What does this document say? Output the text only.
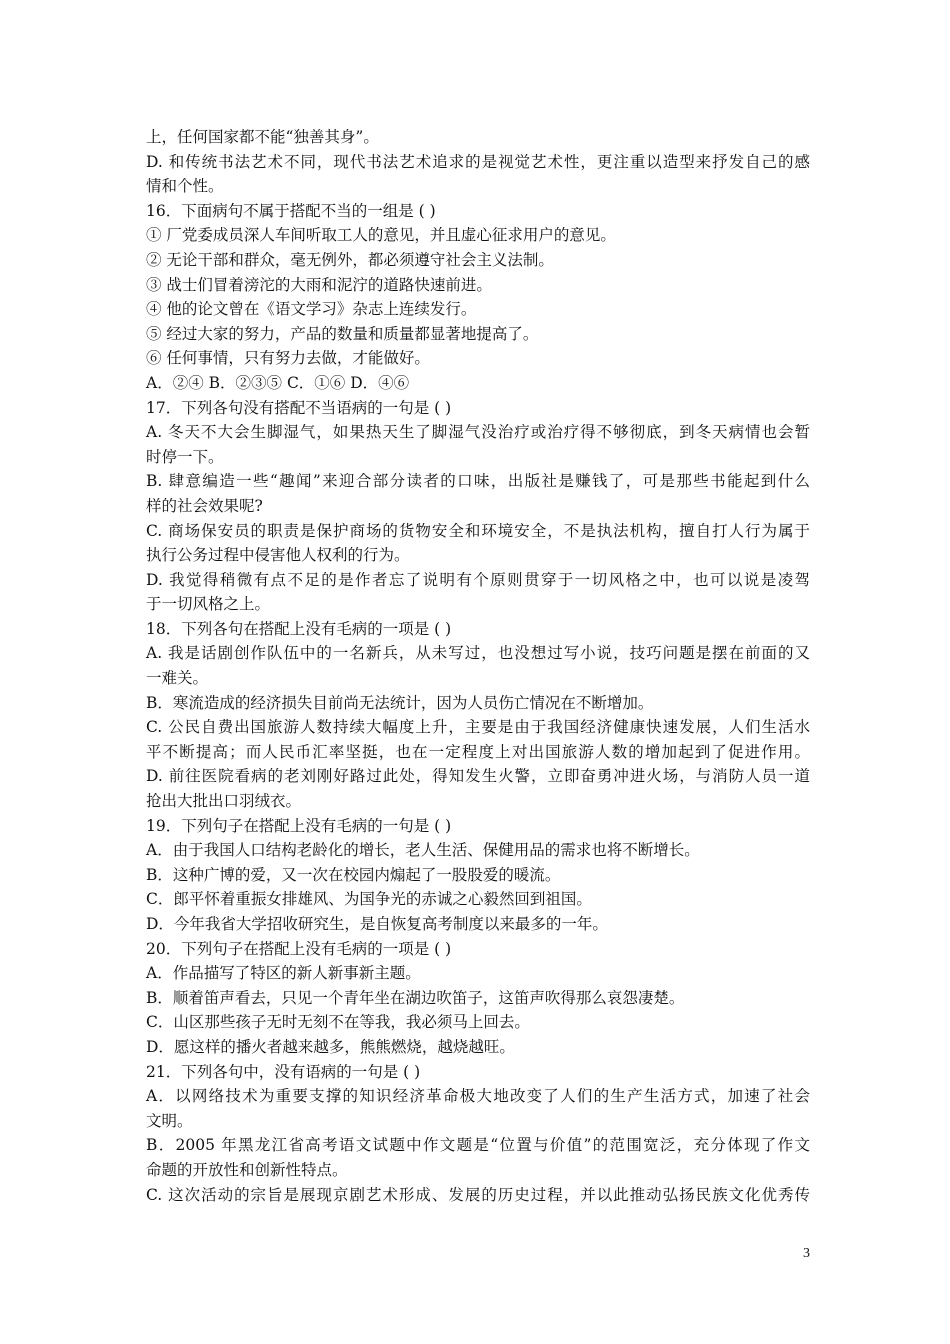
上，任何国家都不能“独善其身”。
D. 和传统书法艺术不同，现代书法艺术追求的是视觉艺术性，更注重以造型来抒发自己的感
情和个性。
16．下面病句不属于搭配不当的一组是 ( )
① 厂党委成员深人车间听取工人的意见，并且虚心征求用户的意见。
② 无论干部和群众，毫无例外，都必须遵守社会主义法制。
③ 战士们冒着滂沱的大雨和泥泞的道路快速前进。
④ 他的论文曾在《语文学习》杂志上连续发行。
⑤ 经过大家的努力，产品的数量和质量都显著地提高了。
⑥ 任何事情，只有努力去做，才能做好。
A．②④ B．②③⑤ C．①⑥ D．④⑥
17．下列各句没有搭配不当语病的一句是 ( )
A. 冬天不大会生脚湿气，如果热天生了脚湿气没治疗或治疗得不够彻底，到冬天病情也会暂
时停一下。
B. 肆意编造一些“趣闻”来迎合部分读者的口味，出版社是赚钱了，可是那些书能起到什么
样的社会效果呢?
C. 商场保安员的职责是保护商场的货物安全和环境安全，不是执法机构，擅自打人行为属于
执行公务过程中侵害他人权利的行为。
D. 我觉得稍微有点不足的是作者忘了说明有个原则贯穿于一切风格之中，也可以说是凌驾
于一切风格之上。
18．下列各句在搭配上没有毛病的一项是 ( )
A. 我是话剧创作队伍中的一名新兵，从未写过，也没想过写小说，技巧问题是摆在前面的又
一难关。
B．寒流造成的经济损失目前尚无法统计，因为人员伤亡情况在不断增加。
C. 公民自费出国旅游人数持续大幅度上升，主要是由于我国经济健康快速发展，人们生活水
平不断提高；而人民币汇率坚挺，也在一定程度上对出国旅游人数的增加起到了促进作用。
D. 前往医院看病的老刘刚好路过此处，得知发生火警，立即奋勇冲进火场，与消防人员一道
抢出大批出口羽绒衣。
19．下列句子在搭配上没有毛病的一句是 ( )
A．由于我国人口结构老龄化的增长，老人生活、保健用品的需求也将不断增长。
B．这种广博的爱，又一次在校园内煽起了一股股爱的暖流。
C．郎平怀着重振女排雄风、为国争光的赤诚之心毅然回到祖国。
D．今年我省大学招收研究生，是自恢复高考制度以来最多的一年。
20．下列句子在搭配上没有毛病的一项是 ( )
A．作品描写了特区的新人新事新主题。
B．顺着笛声看去，只见一个青年坐在湖边吹笛子，这笛声吹得那么哀怨凄楚。
C．山区那些孩子无时无刻不在等我，我必须马上回去。
D．愿这样的播火者越来越多，熊熊燃烧，越烧越旺。
21．下列各句中，没有语病的一句是 ( )
A．以网络技术为重要支撑的知识经济革命极大地改变了人们的生产生活方式，加速了社会
文明。
B．2005 年黑龙江省高考语文试题中作文题是“位置与价值”的范围宽泛，充分体现了作文
命题的开放性和创新性特点。
C. 这次活动的宗旨是展现京剧艺术形成、发展的历史过程，并以此推动弘扬民族文化优秀传
3
